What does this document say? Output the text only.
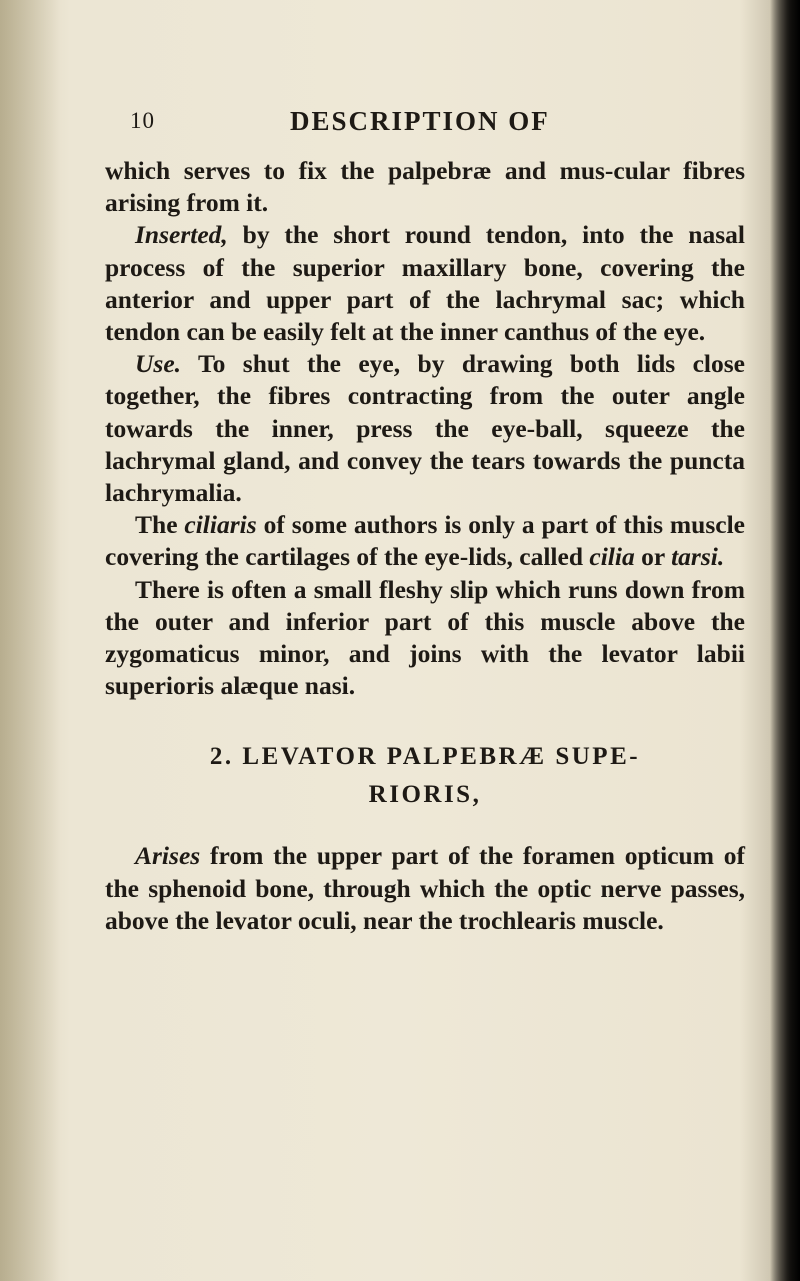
10	DESCRIPTION OF

which serves to fix the palpebræ and mus-cular fibres arising from it.

Inserted, by the short round tendon, into the nasal process of the superior maxillary bone, covering the anterior and upper part of the lachrymal sac; which tendon can be easily felt at the inner canthus of the eye.

Use. To shut the eye, by drawing both lids close together, the fibres contracting from the outer angle towards the inner, press the eye-ball, squeeze the lachrymal gland, and convey the tears towards the puncta lachrymalia.

The ciliaris of some authors is only a part of this muscle covering the cartilages of the eye-lids, called cilia or tarsi.

There is often a small fleshy slip which runs down from the outer and inferior part of this muscle above the zygomaticus minor, and joins with the levator labii superioris alæque nasi.

2. LEVATOR PALPEBRÆ SUPE-
RIORIS,

Arises from the upper part of the foramen opticum of the sphenoid bone, through which the optic nerve passes, above the levator oculi, near the trochlearis muscle.
